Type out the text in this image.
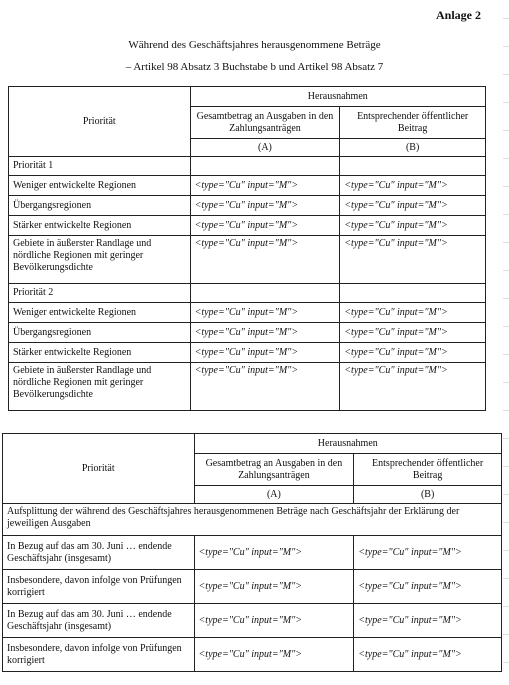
Anlage 2
Während des Geschäftsjahres herausgenommene Beträge
– Artikel 98 Absatz 3 Buchstabe b und Artikel 98 Absatz 7
Priorität	Herausnahmen	
	Gesamtbetrag an Ausgaben in den Zahlungsanträgen	Entsprechender öffentlicher Beitrag
	(A)	(B)
Priorität 1		
Weniger entwickelte Regionen	<type="Cu" input="M">	<type="Cu" input="M">
Übergangsregionen	<type="Cu" input="M">	<type="Cu" input="M">
Stärker entwickelte Regionen	<type="Cu" input="M">	<type="Cu" input="M">
Gebiete in äußerster Randlage und nördliche Regionen mit geringer Bevölkerungsdichte	<type="Cu" input="M">	<type="Cu" input="M">
Priorität 2		
Weniger entwickelte Regionen	<type="Cu" input="M">	<type="Cu" input="M">
Übergangsregionen	<type="Cu" input="M">	<type="Cu" input="M">
Stärker entwickelte Regionen	<type="Cu" input="M">	<type="Cu" input="M">
Gebiete in äußerster Randlage und nördliche Regionen mit geringer Bevölkerungsdichte	<type="Cu" input="M">	<type="Cu" input="M">
Priorität	Herausnahmen	
	Gesamtbetrag an Ausgaben in den Zahlungsanträgen	Entsprechender öffentlicher Beitrag
	(A)	(B)
Aufsplittung der während des Geschäftsjahres herausgenommenen Beträge nach Geschäftsjahr der Erklärung der jeweiligen Ausgaben		
In Bezug auf das am 30. Juni … endende Geschäftsjahr (insgesamt)	<type="Cu" input="M">	<type="Cu" input="M">
Insbesondere, davon infolge von Prüfungen korrigiert	<type="Cu" input="M">	<type="Cu" input="M">
In Bezug auf das am 30. Juni … endende Geschäftsjahr (insgesamt)	<type="Cu" input="M">	<type="Cu" input="M">
Insbesondere, davon infolge von Prüfungen korrigiert	<type="Cu" input="M">	<type="Cu" input="M">
